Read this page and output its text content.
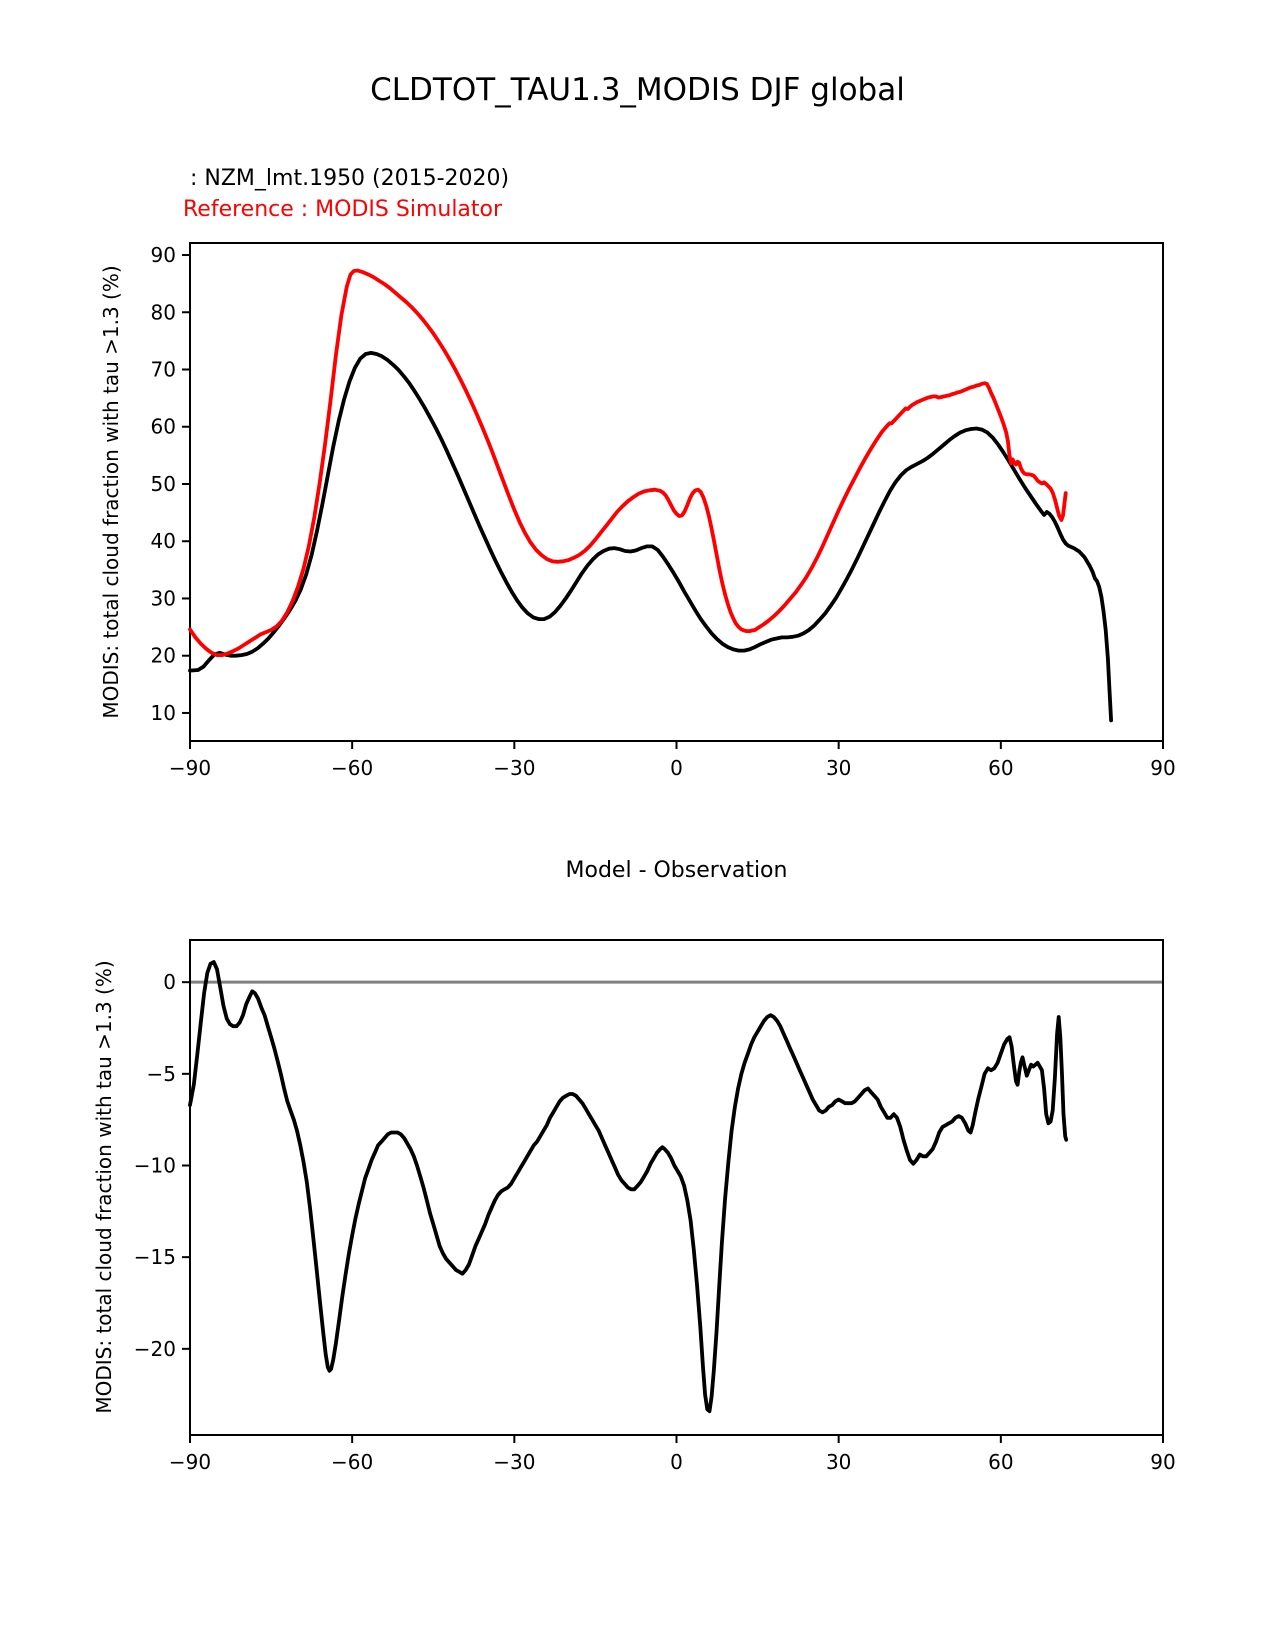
CLDTOT_TAU1.3_MODIS DJF global
: NZM_lmt.1950 (2015-2020)
Reference : MODIS Simulator
MODIS: total cloud fraction with tau >1.3 (%)
MODIS: total cloud fraction with tau >1.3 (%)
Model - Observation
−90	−60	−30	0	30	60	90
10
20
30
40
50
60
70
80
90
−90	−60	−30	0	30	60	90
0
−5
−10
−15
−20
